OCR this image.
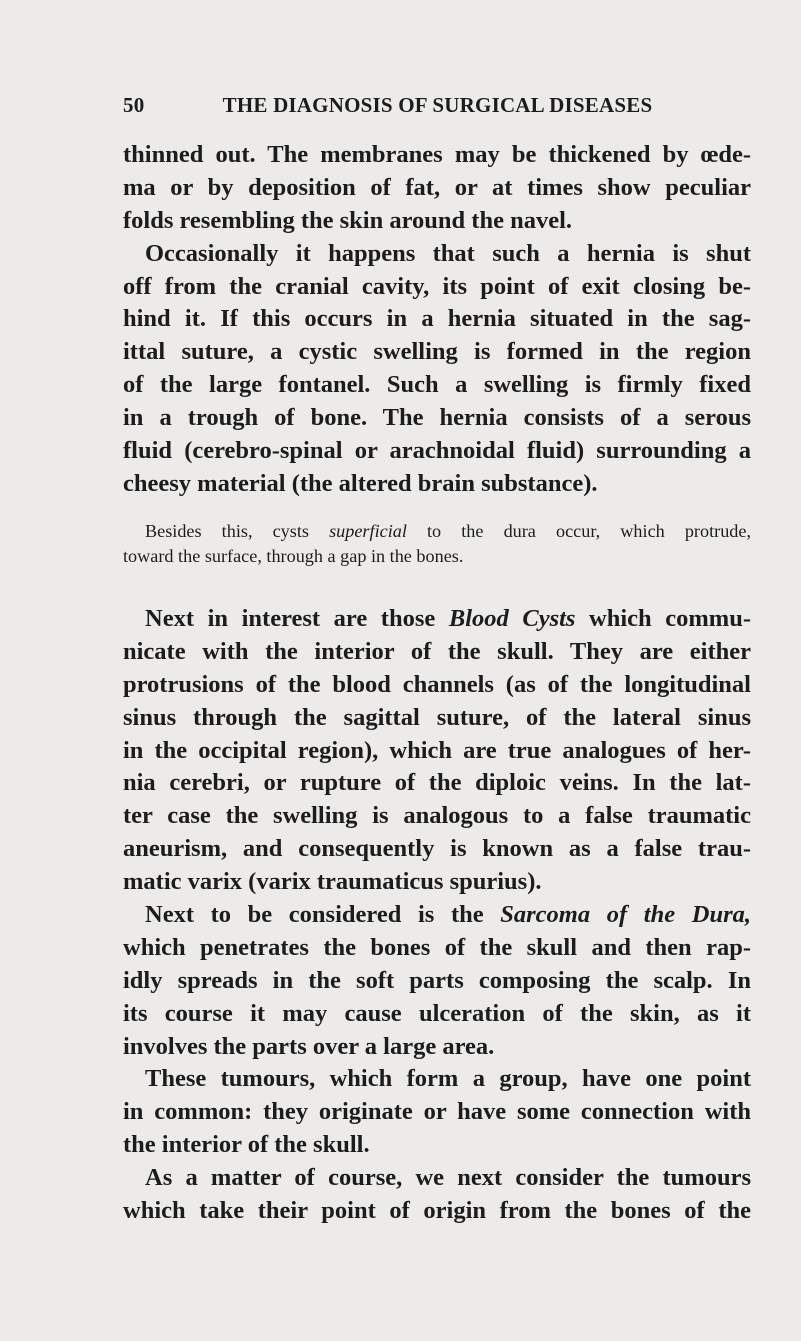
50	THE DIAGNOSIS OF SURGICAL DISEASES
thinned out. The membranes may be thickened by œde-
ma or by deposition of fat, or at times show peculiar
folds resembling the skin around the navel.
Occasionally it happens that such a hernia is shut
off from the cranial cavity, its point of exit closing be-
hind it. If this occurs in a hernia situated in the sag-
ittal suture, a cystic swelling is formed in the region
of the large fontanel. Such a swelling is firmly fixed
in a trough of bone. The hernia consists of a serous
fluid (cerebro-spinal or arachnoidal fluid) surrounding a
cheesy material (the altered brain substance).
Besides this, cysts superficial to the dura occur, which protrude,
toward the surface, through a gap in the bones.
Next in interest are those Blood Cysts which commu-
nicate with the interior of the skull. They are either
protrusions of the blood channels (as of the longitudinal
sinus through the sagittal suture, of the lateral sinus
in the occipital region), which are true analogues of her-
nia cerebri, or rupture of the diploic veins. In the lat-
ter case the swelling is analogous to a false traumatic
aneurism, and consequently is known as a false trau-
matic varix (varix traumaticus spurius).
Next to be considered is the Sarcoma of the Dura,
which penetrates the bones of the skull and then rap-
idly spreads in the soft parts composing the scalp. In
its course it may cause ulceration of the skin, as it
involves the parts over a large area.
These tumours, which form a group, have one point
in common: they originate or have some connection with
the interior of the skull.
As a matter of course, we next consider the tumours
which take their point of origin from the bones of the
